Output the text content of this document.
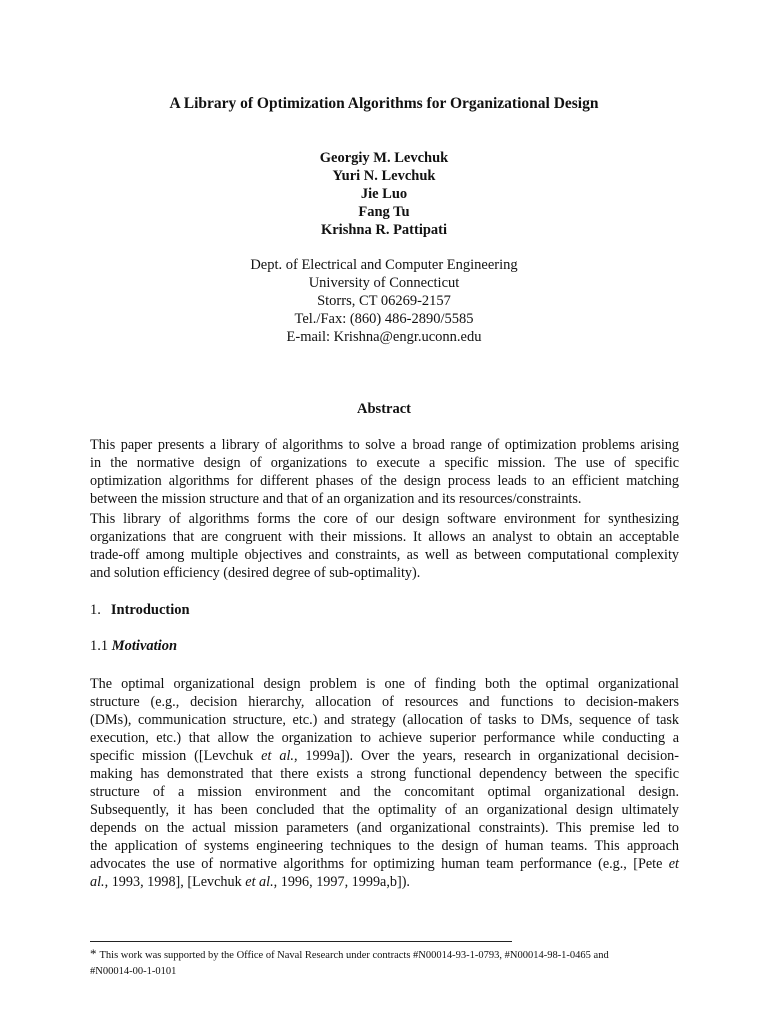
A Library of Optimization Algorithms for Organizational Design
Georgiy M. Levchuk
Yuri N. Levchuk
Jie Luo
Fang Tu
Krishna R. Pattipati
Dept. of Electrical and Computer Engineering
University of Connecticut
Storrs, CT 06269-2157
Tel./Fax: (860) 486-2890/5585
E-mail: Krishna@engr.uconn.edu
Abstract
This paper presents a library of algorithms to solve a broad range of optimization problems arising
in the normative design of organizations to execute a specific mission. The use of specific
optimization algorithms for different phases of the design process leads to an efficient matching
between the mission structure and that of an organization and its resources/constraints.
This library of algorithms forms the core of our design software environment for synthesizing
organizations that are congruent with their missions. It allows an analyst to obtain an acceptable
trade-off among multiple objectives and constraints, as well as between computational complexity
and solution efficiency (desired degree of sub-optimality).
1. Introduction
1.1 Motivation
The optimal organizational design problem is one of finding both the optimal organizational
structure (e.g., decision hierarchy, allocation of resources and functions to decision-makers
(DMs), communication structure, etc.) and strategy (allocation of tasks to DMs, sequence of task
execution, etc.) that allow the organization to achieve superior performance while conducting a
specific mission ([Levchuk et al., 1999a]). Over the years, research in organizational decision-
making has demonstrated that there exists a strong functional dependency between the specific
structure of a mission environment and the concomitant optimal organizational design.
Subsequently, it has been concluded that the optimality of an organizational design ultimately
depends on the actual mission parameters (and organizational constraints). This premise led to
the application of systems engineering techniques to the design of human teams. This approach
advocates the use of normative algorithms for optimizing human team performance (e.g., [Pete et
al., 1993, 1998], [Levchuk et al., 1996, 1997, 1999a,b]).
* This work was supported by the Office of Naval Research under contracts #N00014-93-1-0793, #N00014-98-1-0465 and
#N00014-00-1-0101
